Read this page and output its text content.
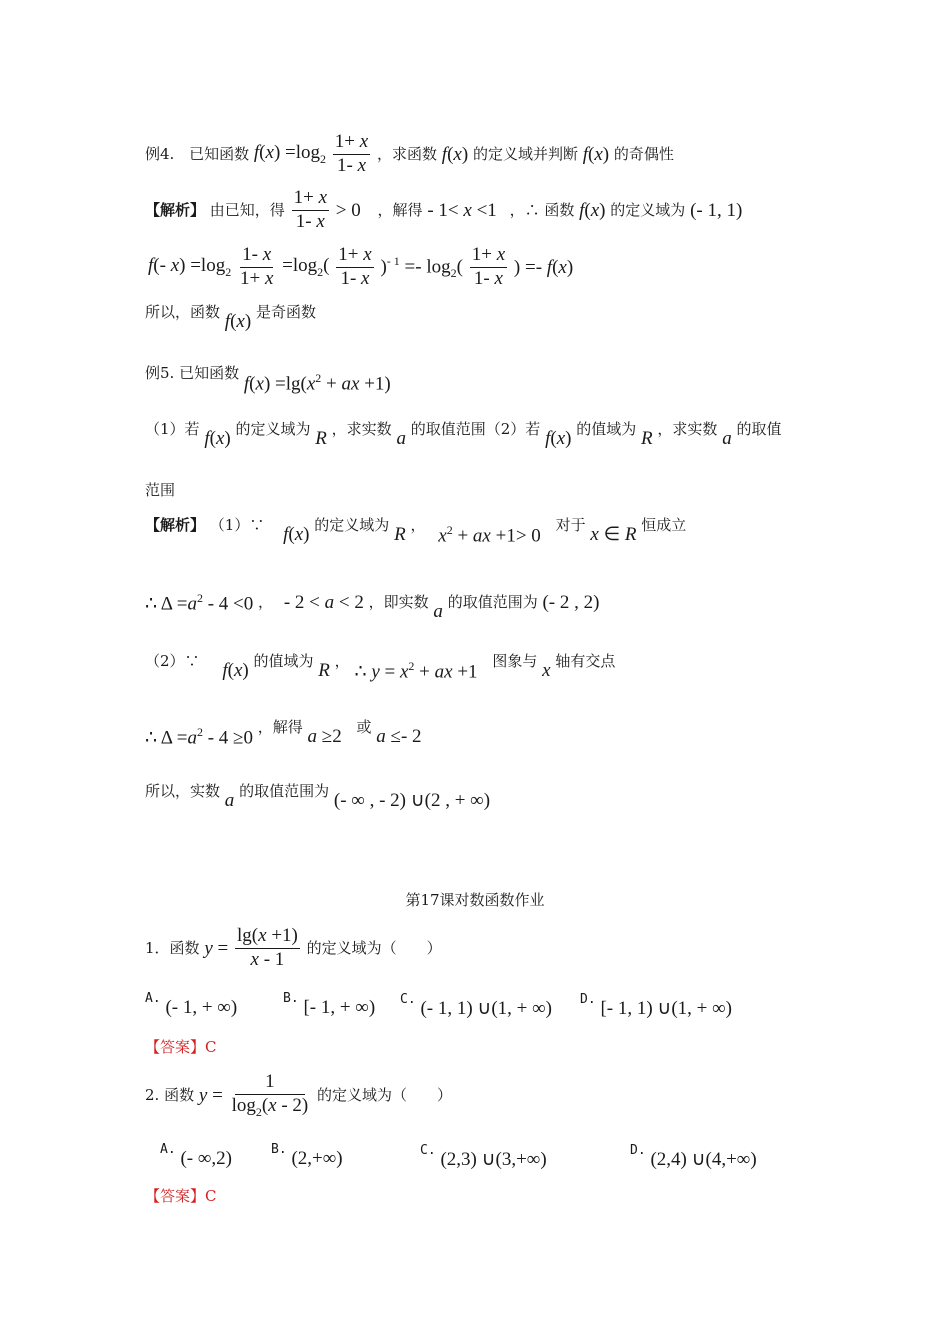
例4. 已知函数 $f(x) =\log_2 \frac{1+ x}{1- x}$ ，求函数 f(x) 的定义域并判断 f(x) 的奇偶性
【解析】 由已知，得 $\frac{1+ x}{1- x} > 0$ ，解得 - 1< x <1 ，∴ 函数 f(x) 的定义域为 (- 1, 1)
f(- $x) =\log_2 \frac{1- x}{1+ x} =\log_2( \frac{1+ x}{1- x} )^{- 1} =- \log_2( \frac{1+ x}{1- x}$ ) =- f(x)
所以，函数 f(x) 是奇函数
例5. 已知函数 $f(x) =\lg(x^2$ + ax +1)
（1）若 f(x) 的定义域为 R ，求实数 a 的取值范围（2）若 f(x) 的值域为 R ，求实数 a 的取值
范围
【解析】 （1）∵ f(x) 的定义域为 R ， $x^2$ + ax +1> 0 对于 x ∈ R 恒成立
∴ $\Delta =a^2 - 4 <0$ ， - 2 < a < 2 ，即实数 a 的取值范围为 (- 2 , 2)
（2）∵ f(x) 的值域为 R ， ∴ $y = x^2$ + ax +1 图象与 x 轴有交点
∴ $\Delta =a^2 - 4 \ge 0$ ，解得 a ≥2 或 a ≤- 2
所以，实数 a 的取值范围为 (- ∞ , - 2) ∪(2 , + ∞)
第17课对数函数作业
1．函数 $y = \frac{\lg(x +1)}{x - 1}$ 的定义域为（　　）
A. (- 1, + ∞)	B. [- 1, + ∞) C. (- 1, 1) ∪(1, + ∞) D. [- 1, 1) ∪(1, + ∞)
【答案】C
2. 函数 $y = \frac{1}{\log_2(x - 2)}$ 的定义域为（　　）
A. (- ∞,2)	B. (2,+∞)	C. (2,3) ∪(3,+∞)	D. (2,4) ∪(4,+∞)
【答案】C
